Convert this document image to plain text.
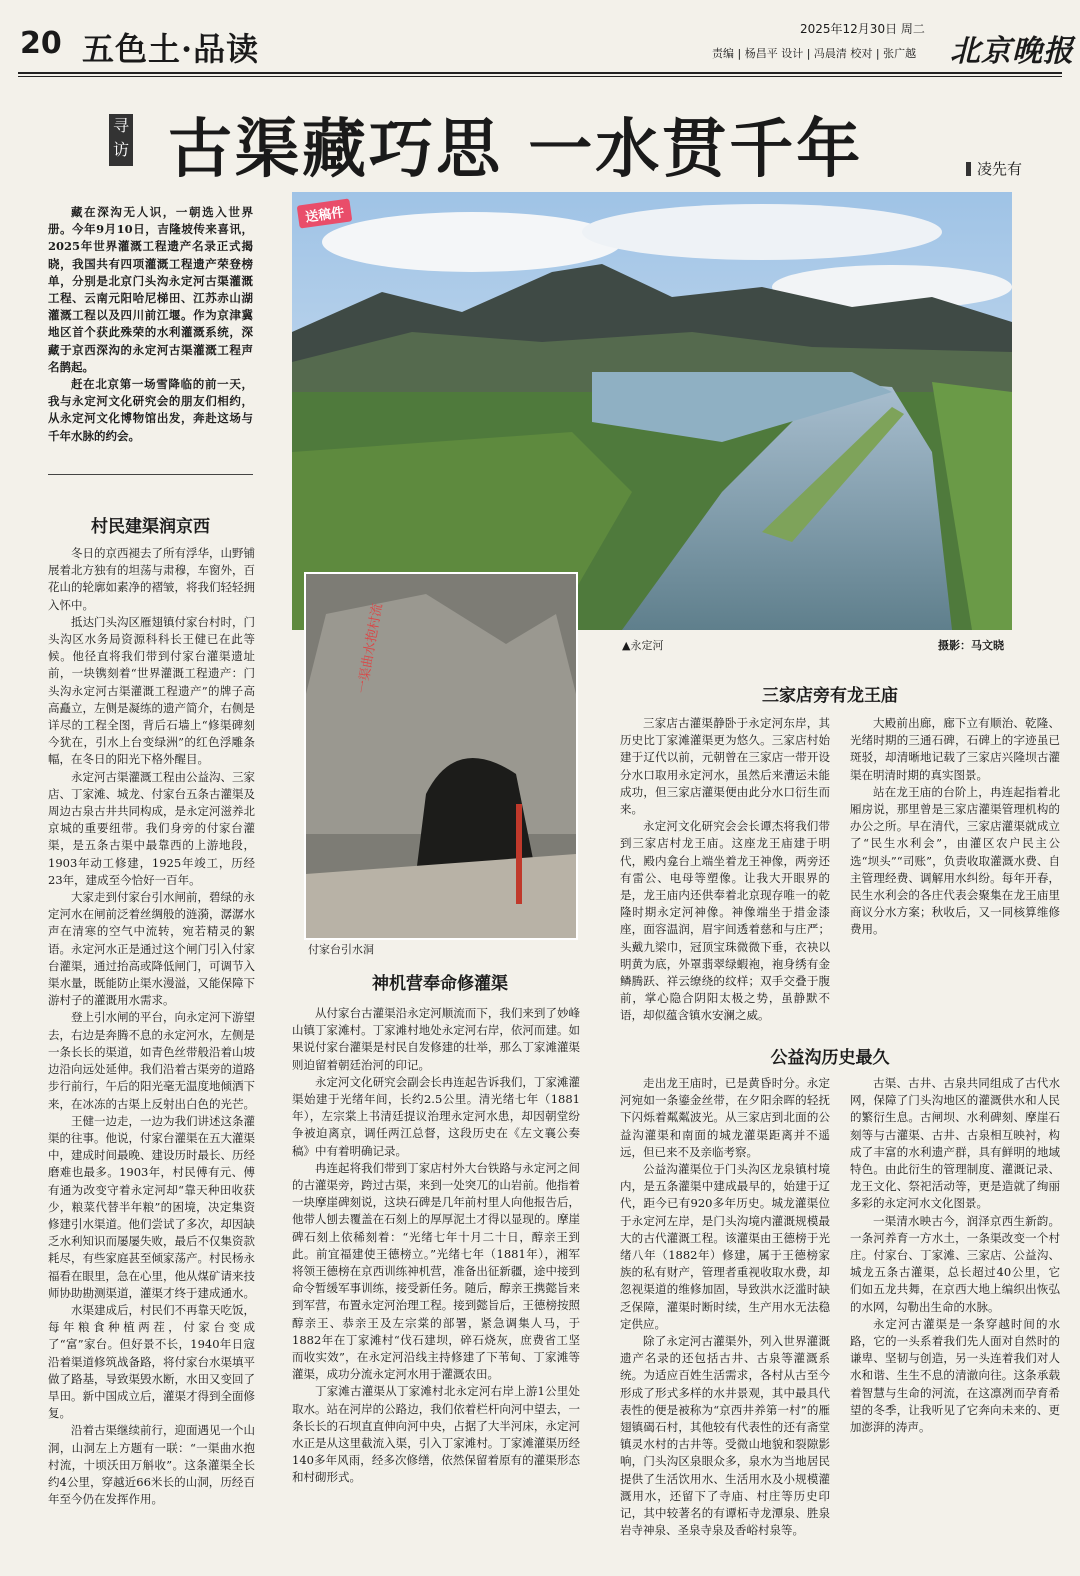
20 五色土·品读
2025年12月30日 周二
责编 | 杨昌平 设计 | 冯晨清 校对 | 张广越 北京晚报
寻访 古渠藏巧思 一水贯千年	凌先有

藏在深沟无人识，一朝选入世界册。今年9月10日，吉隆坡传来喜讯，2025年世界灌溉工程遗产名录正式揭晓，我国共有四项灌溉工程遗产荣登榜单，分别是北京门头沟永定河古渠灌溉工程、云南元阳哈尼梯田、江苏赤山湖灌溉工程以及四川前江堰。作为京津冀地区首个获此殊荣的水利灌溉系统，深藏于京西深沟的永定河古渠灌溉工程声名鹊起。

赶在北京第一场雪降临的前一天，我与永定河文化研究会的朋友们相约，从永定河文化博物馆出发，奔赴这场与千年水脉的约会。

村民建渠润京西

冬日的京西褪去了所有浮华，山野铺展着北方独有的坦荡与肃穆，车窗外，百花山的轮廓如素净的褶皱，将我们轻轻拥入怀中。

抵达门头沟区雁翅镇付家台村时，门头沟区水务局资源科科长王健已在此等候。他径直将我们带到付家台灌渠遗址前，一块镌刻着“世界灌溉工程遗产：门头沟永定河古渠灌溉工程遗产”的牌子高高矗立，左侧是凝练的遗产简介，右侧是详尽的工程全图，背后石墙上“修渠碑刻今犹在，引水上台变绿洲”的红色浮雕条幅，在冬日的阳光下格外醒目。

永定河古渠灌溉工程由公益沟、三家店、丁家滩、城龙、付家台五条古灌渠及周边古泉古井共同构成，是永定河滋养北京城的重要纽带。我们身旁的付家台灌渠，是五条古渠中最靠西的上游地段，1903年动工修建，1925年竣工，历经23年，建成至今恰好一百年。

大家走到付家台引水闸前，碧绿的永定河水在闸前泛着丝绸般的涟漪，潺潺水声在清寒的空气中流转，宛若精灵的絮语。永定河水正是通过这个闸门引入付家台灌渠，通过抬高或降低闸门，可调节入渠水量，既能防止渠水漫溢，又能保障下游村子的灌溉用水需求。

登上引水闸的平台，向永定河下游望去，右边是奔腾不息的永定河水，左侧是一条长长的渠道，如青色丝带般沿着山坡边沿向远处延伸。我们沿着古渠旁的道路步行前行，午后的阳光毫无温度地倾洒下来，在冰冻的古渠上反射出白色的光芒。

王健一边走，一边为我们讲述这条灌渠的往事。他说，付家台灌渠在五大灌渠中，建成时间最晚、建设历时最长、历经磨难也最多。1903年，村民傅有元、傅有通为改变守着永定河却“靠天种田收获少，粮菜代替半年粮”的困境，决定集资修建引水渠道。他们尝试了多次，却因缺乏水利知识而屡屡失败，最后不仅集资款耗尽，有些家庭甚至倾家荡产。村民杨永福看在眼里，急在心里，他从煤矿请来技师协助勘测渠道，灌渠才终于建成通水。

水渠建成后，村民们不再靠天吃饭，每年粮食种植两茬，付家台变成了“富”家台。但好景不长，1940年日寇沿着渠道修筑战备路，将付家台水渠填平做了路基，导致渠毁水断，水田又变回了旱田。新中国成立后，灌渠才得到全面修复。

沿着古渠继续前行，迎面遇见一个山洞，山洞左上方题有一联：“一渠曲水抱村流，十顷沃田万斛收”。这条灌渠全长约4公里，穿越近66米长的山洞，历经百年至今仍在发挥作用。

送稿件
▲永定河	摄影：马文晓
一渠曲水抱村流
付家台引水洞
神机营奉命修灌渠

从付家台古灌渠沿永定河顺流而下，我们来到了妙峰山镇丁家滩村。丁家滩村地处永定河右岸，依河而建。如果说付家台灌渠是村民自发修建的壮举，那么丁家滩灌渠则迫留着朝廷治河的印记。

永定河文化研究会副会长冉连起告诉我们，丁家滩灌渠始建于光绪年间，长约2.5公里。清光绪七年（1881年），左宗棠上书清廷提议治理永定河水患，却因朝堂纷争被迫离京，调任两江总督，这段历史在《左文襄公奏稿》中有着明确记录。

冉连起将我们带到丁家店村外大台铁路与永定河之间的古灌渠旁，跨过古渠，来到一处突兀的山岩前。他指着一块摩崖碑刻说，这块石碑是几年前村里人向他报告后，他带人刨去覆盖在石刻上的厚厚泥土才得以显现的。摩崖碑石刻上依稀刻着：“光绪七年十月二十日，醇亲王到此。前宜福建使王德榜立。”光绪七年（1881年），湘军将领王德榜在京西训练神机营，准备出征新疆，途中接到命令暂缓军事训练，接受新任务。随后，醇亲王携懿旨来到军营，布置永定河治理工程。接到懿旨后，王德榜按照醇亲王、恭亲王及左宗棠的部署，紧急调集人马，于1882年在丁家滩村“伐石建坝，碎石烧灰，庶费省工坚而收实效”，在永定河沿线主持修建了下苇甸、丁家滩等灌渠，成功分流永定河水用于灌溉农田。

丁家滩古灌渠从丁家滩村北永定河右岸上游1公里处取水。站在河岸的公路边，我们依着栏杆向河中望去，一条长长的石坝直直伸向河中央，占据了大半河床，永定河水正是从这里截流入渠，引入丁家滩村。丁家滩灌渠历经140多年风雨，经多次修缮，依然保留着原有的灌渠形态和村砌形式。

三家店旁有龙王庙

三家店古灌渠静卧于永定河东岸，其历史比丁家滩灌渠更为悠久。三家店村始建于辽代以前，元朝曾在三家店一带开设分水口取用永定河水，虽然后来漕运未能成功，但三家店灌渠便由此分水口衍生而来。

永定河文化研究会会长谭杰将我们带到三家店村龙王庙。这座龙王庙建于明代，殿内龛台上端坐着龙王神像，两旁还有雷公、电母等塑像。让我大开眼界的是，龙王庙内还供奉着北京现存唯一的乾隆时期永定河神像。神像端坐于措金漆座，面容温润，眉宇间透着慈和与庄严；头戴九梁巾，冠顶宝珠微微下垂，衣袂以明黄为底，外罩翡翠绿蝦袍，袍身绣有金鳞腾跃、祥云缭绕的纹样；双手交叠于腹前，掌心隐合阴阳太极之势，虽静默不语，却似蕴含镇水安澜之威。

大殿前出廊，廊下立有顺治、乾隆、光绪时期的三通石碑，石碑上的字迹虽已斑驳，却清晰地记载了三家店兴隆坝古灌渠在明清时期的真实图景。

站在龙王庙的台阶上，冉连起指着北厢房说，那里曾是三家店灌渠管理机构的办公之所。早在清代，三家店灌渠就成立了“民生水利会”，由灌区农户民主公选“坝头”“司账”，负责收取灌溉水费、自主管理经费、调解用水纠纷。每年开春，民生水利会的各庄代表会聚集在龙王庙里商议分水方案；秋收后，又一同核算维修费用。

公益沟历史最久

走出龙王庙时，已是黄昏时分。永定河宛如一条鎏金丝带，在夕阳余晖的轻抚下闪烁着粼粼波光。从三家店到北面的公益沟灌渠和南面的城龙灌渠距离并不遥远，但已来不及亲临考察。

公益沟灌渠位于门头沟区龙泉镇村境内，是五条灌渠中建成最早的，始建于辽代，距今已有920多年历史。城龙灌渠位于永定河左岸，是门头沟境内灌溉规模最大的古代灌溉工程。该灌渠由王德榜于光绪八年（1882年）修建，属于王德榜家族的私有财产，管理者重视收取水费，却忽视渠道的维修加固，导致洪水泛滥时缺乏保障，灌渠时断时续，生产用水无法稳定供应。

除了永定河古灌渠外，列入世界灌溉遗产名录的还包括古井、古泉等灌溉系统。为适应百姓生活需求，各村从古至今形成了形式多样的水井景观，其中最具代表性的便是被称为“京西井养第一村”的雁翅镇碣石村，其他较有代表性的还有斋堂镇灵水村的古井等。受微山地貌和裂隙影响，门头沟区泉眼众多，泉水为当地居民提供了生活饮用水、生活用水及小规模灌溉用水，还留下了寺庙、村庄等历史印记，其中较著名的有谭柘寺龙潭泉、胜泉岩寺神泉、圣泉寺泉及香峪村泉等。

古渠、古井、古泉共同组成了古代水网，保障了门头沟地区的灌溉供水和人民的繁衍生息。古闸坝、水利碑刻、摩崖石刻等与古灌渠、古井、古泉相互映衬，构成了丰富的水利遗产群，具有鲜明的地域特色。由此衍生的管理制度、灌溉记录、龙王文化、祭祀活动等，更是造就了绚丽多彩的永定河水文化图景。

一渠清水映古今，润泽京西生新韵。一条河养育一方水土，一条渠改变一个村庄。付家台、丁家滩、三家店、公益沟、城龙五条古灌渠，总长超过40公里，它们如五龙共舞，在京西大地上编织出恢弘的水网，勾勒出生命的水脉。

永定河古灌渠是一条穿越时间的水路，它的一头系着我们先人面对自然时的谦卑、坚韧与创造，另一头连着我们对人水和谐、生生不息的清澈向往。这条承载着智慧与生命的河流，在这凛冽而孕育希望的冬季，让我听见了它奔向未来的、更加澎湃的涛声。
